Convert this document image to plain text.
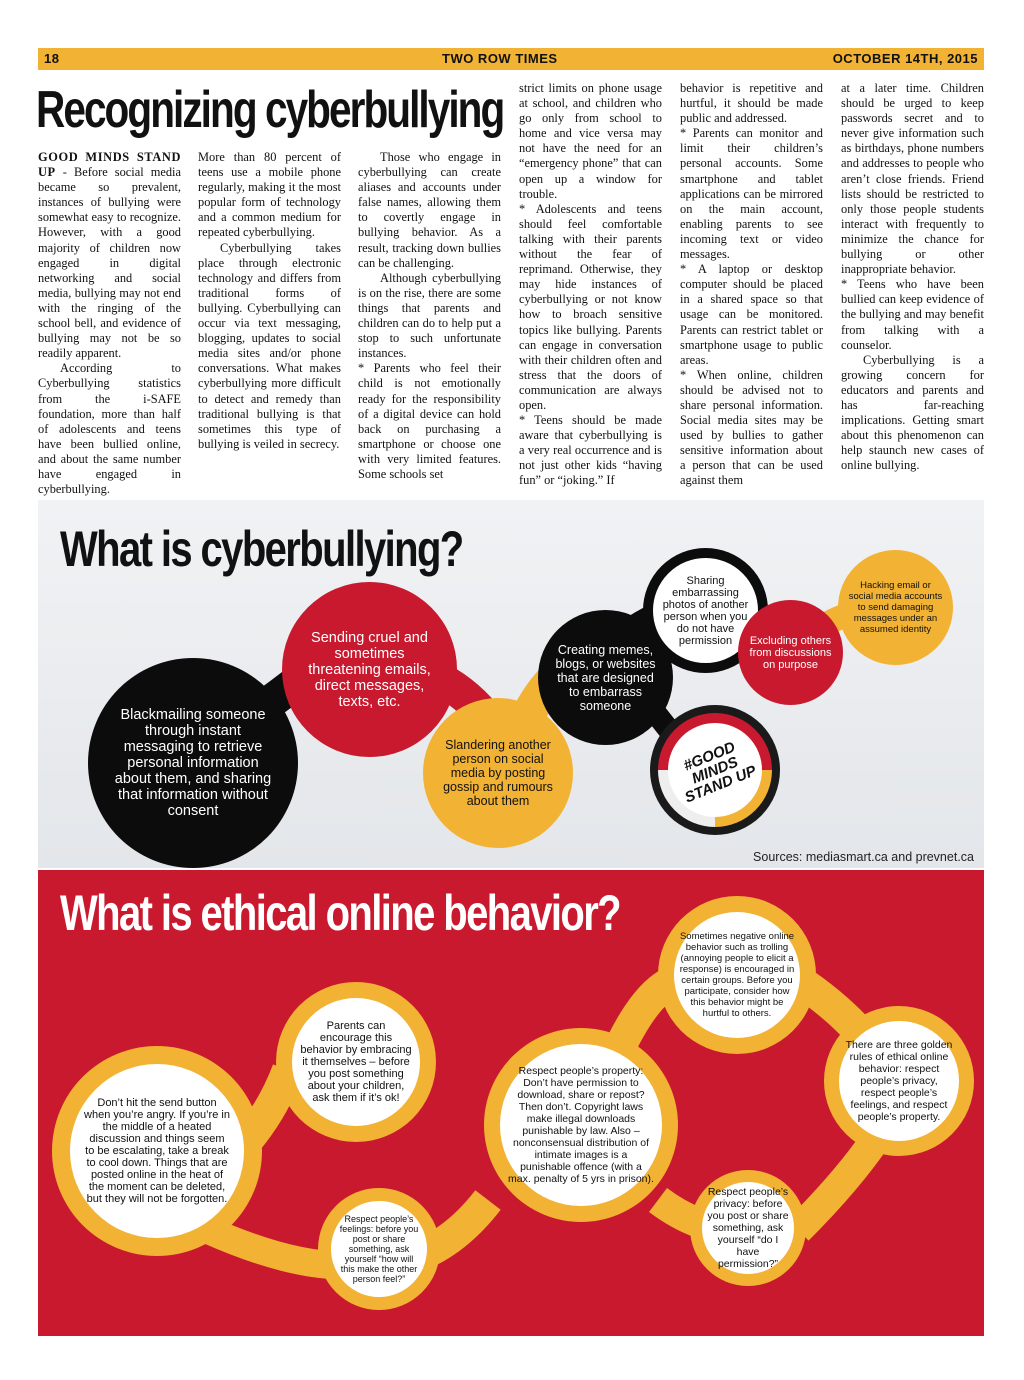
18	TWO ROW TIMES	OCTOBER 14TH, 2015
Recognizing cyberbullying

GOOD MINDS STAND UP - Before social media became so prevalent, instances of bullying were somewhat easy to recognize. However, with a good majority of children now engaged in digital networking and social media, bullying may not end with the ringing of the school bell, and evidence of bullying may not be so readily apparent.

According to Cyberbullying statistics from the i-SAFE foundation, more than half of adolescents and teens have been bullied online, and about the same number have engaged in cyberbullying.

More than 80 percent of teens use a mobile phone regularly, making it the most popular form of technology and a common medium for repeated cyberbullying.

Cyberbullying takes place through electronic technology and differs from traditional forms of bullying. Cyberbullying can occur via text messaging, blogging, updates to social media sites and/or phone conversations. What makes cyberbullying more difficult to detect and remedy than traditional bullying is that sometimes this type of bullying is veiled in secrecy.

Those who engage in cyberbullying can create aliases and accounts under false names, allowing them to covertly engage in bullying behavior. As a result, tracking down bullies can be challenging.

Although cyberbullying is on the rise, there are some things that parents and children can do to help put a stop to such unfortunate instances.

* Parents who feel their child is not emotionally ready for the responsibility of a digital device can hold back on purchasing a smartphone or choose one with very limited features. Some schools set

strict limits on phone usage at school, and children who go only from school to home and vice versa may not have the need for an “emergency phone” that can open up a window for trouble.

* Adolescents and teens should feel comfortable talking with their parents without the fear of reprimand. Otherwise, they may hide instances of cyberbullying or not know how to broach sensitive topics like bullying. Parents can engage in conversation with their children often and stress that the doors of communication are always open.

* Teens should be made aware that cyberbullying is a very real occurrence and is not just other kids “having fun” or “joking.” If

behavior is repetitive and hurtful, it should be made public and addressed.

* Parents can monitor and limit their children’s personal accounts. Some smartphone and tablet applications can be mirrored on the main account, enabling parents to see incoming text or video messages.

* A laptop or desktop computer should be placed in a shared space so that usage can be monitored. Parents can restrict tablet or smartphone usage to public areas.

* When online, children should be advised not to share personal information. Social media sites may be used by bullies to gather sensitive information about a person that can be used against them

at a later time. Children should be urged to keep passwords secret and to never give information such as birthdays, phone numbers and addresses to people who aren’t close friends. Friend lists should be restricted to only those people students interact with frequently to minimize the chance for bullying or other inappropriate behavior.

* Teens who have been bullied can keep evidence of the bullying and may benefit from talking with a counselor.

Cyberbullying is a growing concern for educators and parents and has far-reaching implications. Getting smart about this phenomenon can help staunch new cases of online bullying.

What is cyberbullying?
Blackmailing someone through instant messaging to retrieve personal information about them, and sharing that information without consent
Sending cruel and sometimes threatening emails, direct messages, texts, etc.
Slandering another person on social media by posting gossip and rumours about them
Creating memes, blogs, or websites that are designed to embarrass someone
Sharing embarrassing photos of another person when you do not have permission	Excluding others from discussions on purpose
Hacking email or social media accounts to send damaging messages under an assumed identity
#GOOD MINDS STAND UP
Sources: mediasmart.ca and prevnet.ca
What is ethical online behavior?
Don’t hit the send button when you’re angry. If you’re in the middle of a heated discussion and things seem to be escalating, take a break to cool down. Things that are posted online in the heat of the moment can be deleted, but they will not be forgotten.
Parents can encourage this behavior by embracing it themselves – before you post something about your children, ask them if it’s ok!
Respect people’s feelings: before you post or share something, ask yourself “how will this make the other person feel?”
Respect people’s property: Don’t have permission to download, share or repost? Then don’t. Copyright laws make illegal downloads punishable by law. Also – nonconsensual distribution of intimate images is a punishable offence (with a max. penalty of 5 yrs in prison).
Sometimes negative online behavior such as trolling (annoying people to elicit a response) is encouraged in certain groups. Before you participate, consider how this behavior might be hurtful to others.
There are three golden rules of ethical online behavior: respect people’s privacy, respect people’s feelings, and respect people’s property.
Respect people’s privacy: before you post or share something, ask yourself “do I have permission?”
